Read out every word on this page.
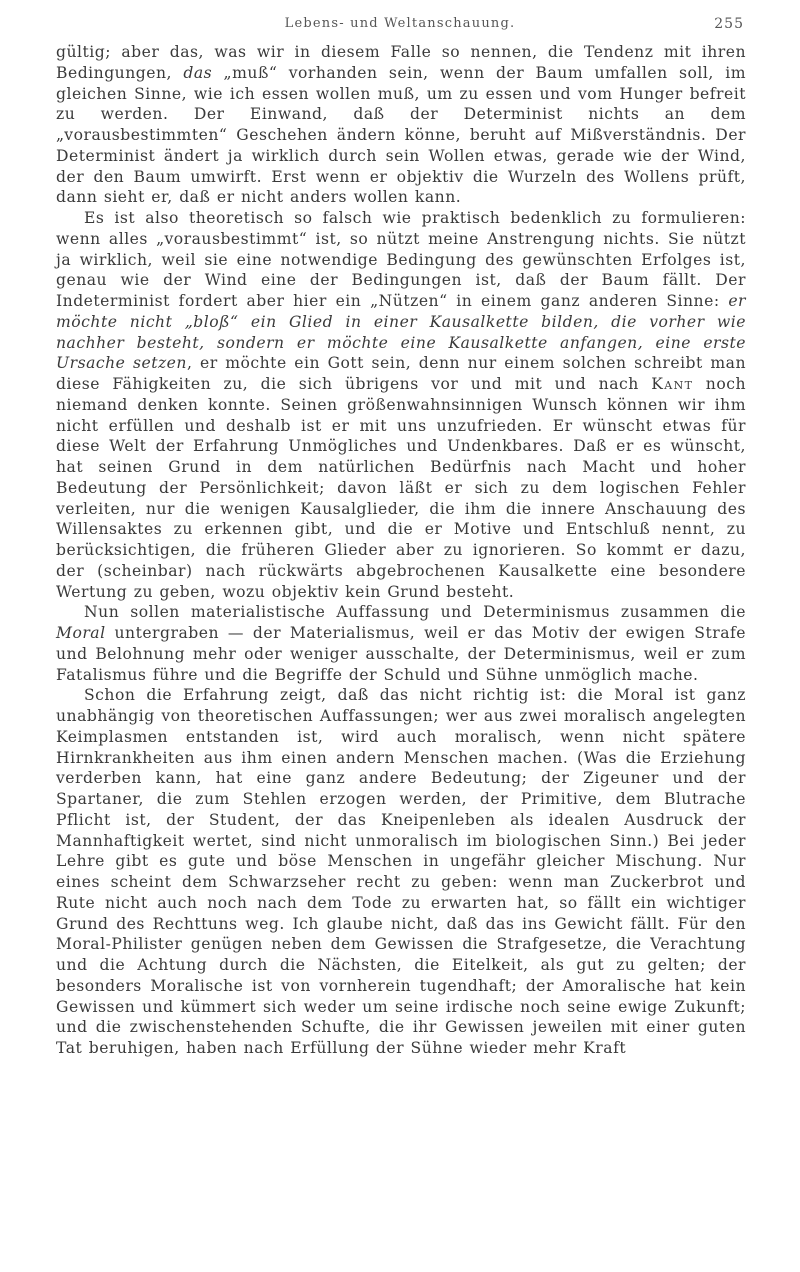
Lebens- und Weltanschauung.	255

gültig; aber das, was wir in diesem Falle so nennen, die Tendenz mit ihren Bedingungen, das „muß“ vorhanden sein, wenn der Baum umfallen soll, im gleichen Sinne, wie ich essen wollen muß, um zu essen und vom Hunger befreit zu werden. Der Einwand, daß der Determinist nichts an dem „vorausbestimmten“ Geschehen ändern könne, beruht auf Mißverständnis. Der Determinist ändert ja wirklich durch sein Wollen etwas, gerade wie der Wind, der den Baum umwirft. Erst wenn er objektiv die Wurzeln des Wollens prüft, dann sieht er, daß er nicht anders wollen kann.

Es ist also theoretisch so falsch wie praktisch bedenklich zu formulieren: wenn alles „vorausbestimmt“ ist, so nützt meine Anstrengung nichts. Sie nützt ja wirklich, weil sie eine notwendige Bedingung des gewünschten Erfolges ist, genau wie der Wind eine der Bedingungen ist, daß der Baum fällt. Der Indeterminist fordert aber hier ein „Nützen“ in einem ganz anderen Sinne: er möchte nicht „bloß“ ein Glied in einer Kausalkette bilden, die vorher wie nachher besteht, sondern er möchte eine Kausalkette anfangen, eine erste Ursache setzen, er möchte ein Gott sein, denn nur einem solchen schreibt man diese Fähigkeiten zu, die sich übrigens vor und mit und nach Kant noch niemand denken konnte. Seinen größenwahnsinnigen Wunsch können wir ihm nicht erfüllen und deshalb ist er mit uns unzufrieden. Er wünscht etwas für diese Welt der Erfahrung Unmögliches und Undenkbares. Daß er es wünscht, hat seinen Grund in dem natürlichen Bedürfnis nach Macht und hoher Bedeutung der Persönlichkeit; davon läßt er sich zu dem logischen Fehler verleiten, nur die wenigen Kausalglieder, die ihm die innere Anschauung des Willensaktes zu erkennen gibt, und die er Motive und Entschluß nennt, zu berücksichtigen, die früheren Glieder aber zu ignorieren. So kommt er dazu, der (scheinbar) nach rückwärts abgebrochenen Kausalkette eine besondere Wertung zu geben, wozu objektiv kein Grund besteht.

Nun sollen materialistische Auffassung und Determinismus zusammen die Moral untergraben — der Materialismus, weil er das Motiv der ewigen Strafe und Belohnung mehr oder weniger ausschalte, der Determinismus, weil er zum Fatalismus führe und die Begriffe der Schuld und Sühne unmöglich mache.

Schon die Erfahrung zeigt, daß das nicht richtig ist: die Moral ist ganz unabhängig von theoretischen Auffassungen; wer aus zwei moralisch angelegten Keimplasmen entstanden ist, wird auch moralisch, wenn nicht spätere Hirnkrankheiten aus ihm einen andern Menschen machen. (Was die Erziehung verderben kann, hat eine ganz andere Bedeutung; der Zigeuner und der Spartaner, die zum Stehlen erzogen werden, der Primitive, dem Blutrache Pflicht ist, der Student, der das Kneipenleben als idealen Ausdruck der Mannhaftigkeit wertet, sind nicht unmoralisch im biologischen Sinn.) Bei jeder Lehre gibt es gute und böse Menschen in ungefähr gleicher Mischung. Nur eines scheint dem Schwarzseher recht zu geben: wenn man Zuckerbrot und Rute nicht auch noch nach dem Tode zu erwarten hat, so fällt ein wichtiger Grund des Rechttuns weg. Ich glaube nicht, daß das ins Gewicht fällt. Für den Moral-Philister genügen neben dem Gewissen die Strafgesetze, die Verachtung und die Achtung durch die Nächsten, die Eitelkeit, als gut zu gelten; der besonders Moralische ist von vornherein tugendhaft; der Amoralische hat kein Gewissen und kümmert sich weder um seine irdische noch seine ewige Zukunft; und die zwischenstehenden Schufte, die ihr Gewissen jeweilen mit einer guten Tat beruhigen, haben nach Erfüllung der Sühne wieder mehr Kraft
